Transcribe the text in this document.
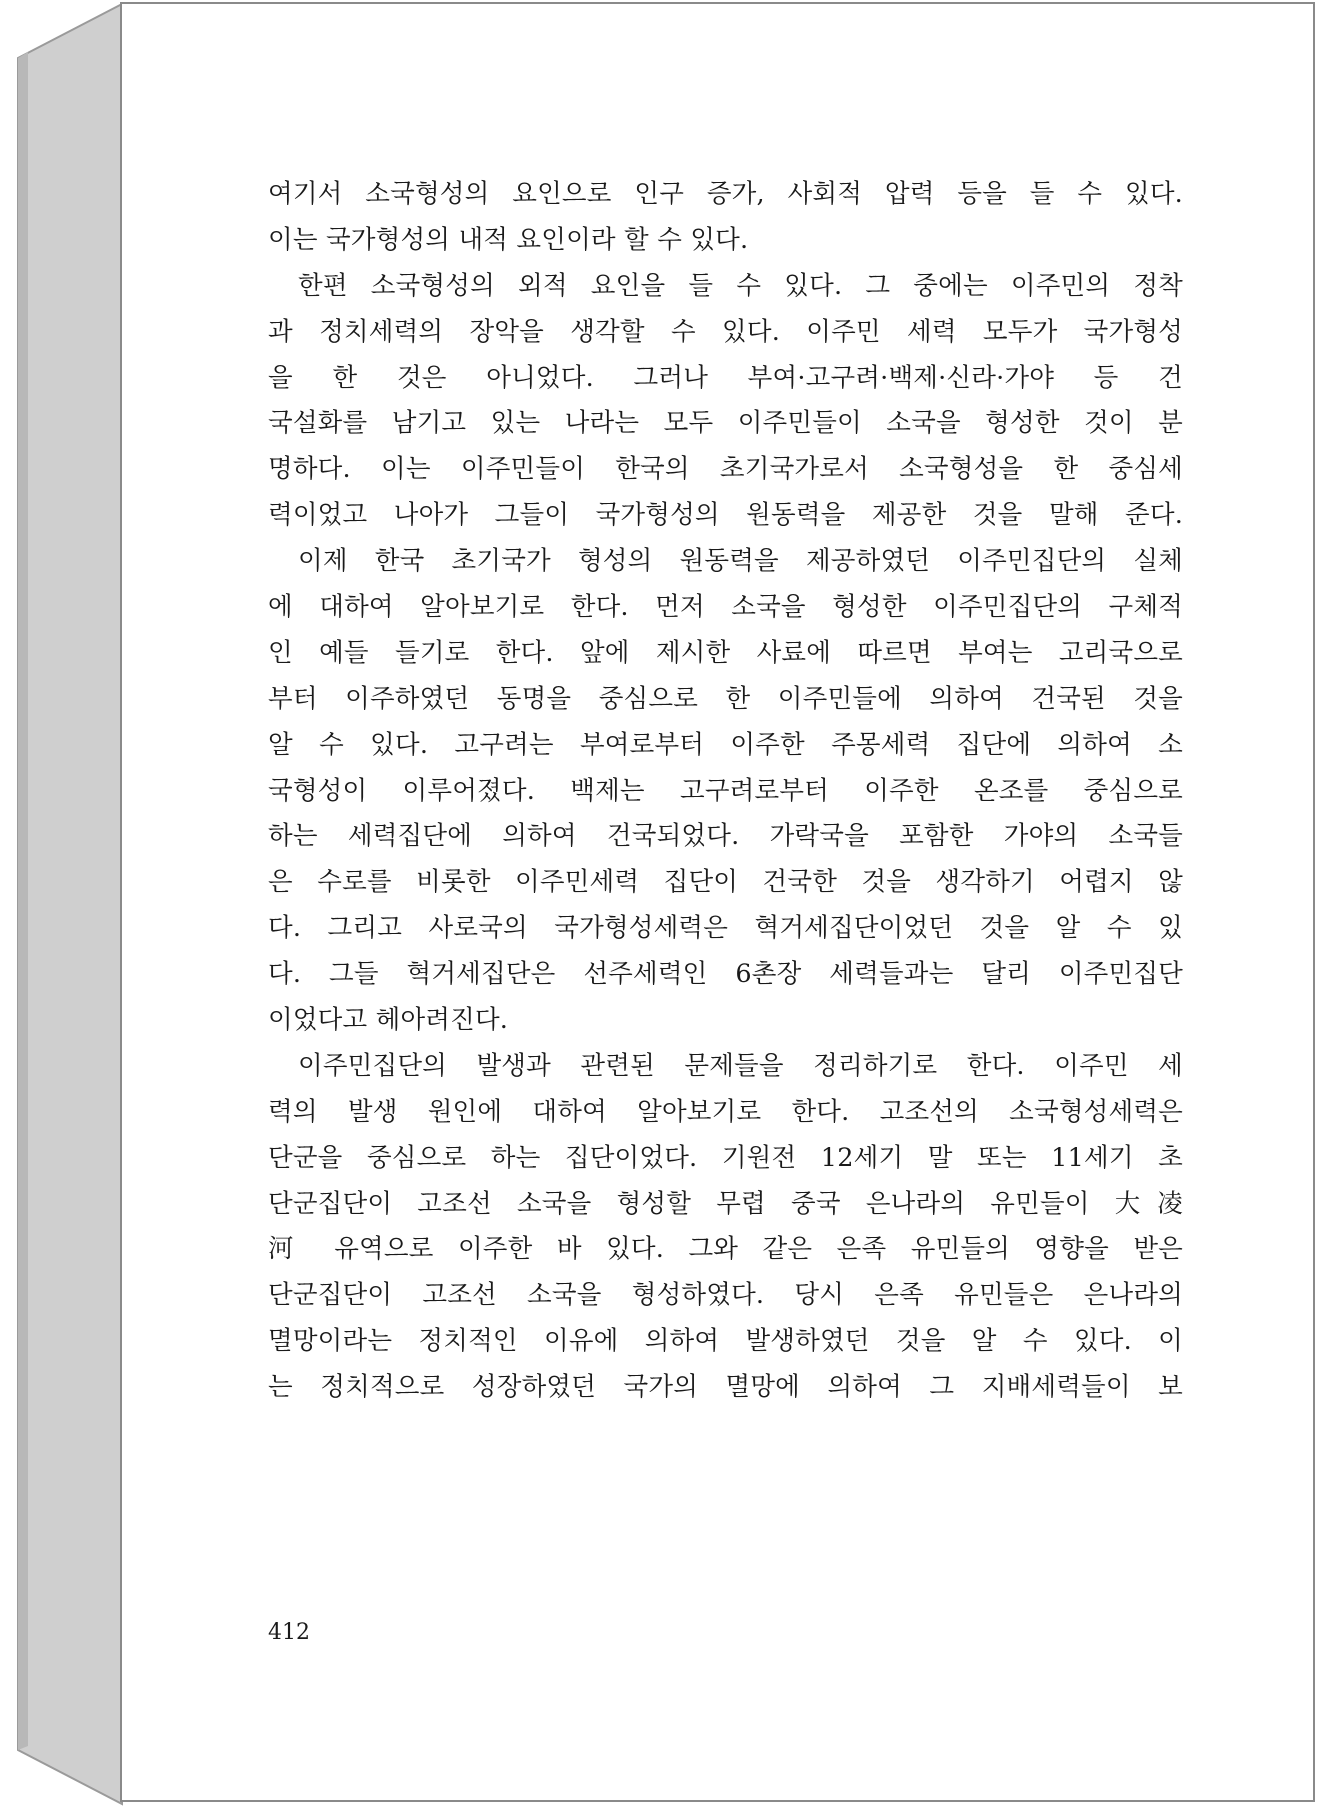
여기서 소국형성의 요인으로 인구 증가, 사회적 압력 등을 들 수 있다.
이는 국가형성의 내적 요인이라 할 수 있다.
한편 소국형성의 외적 요인을 들 수 있다. 그 중에는 이주민의 정착
과 정치세력의 장악을 생각할 수 있다. 이주민 세력 모두가 국가형성
을 한 것은 아니었다. 그러나 부여·고구려·백제·신라·가야 등 건
국설화를 남기고 있는 나라는 모두 이주민들이 소국을 형성한 것이 분
명하다. 이는 이주민들이 한국의 초기국가로서 소국형성을 한 중심세
력이었고 나아가 그들이 국가형성의 원동력을 제공한 것을 말해 준다.
이제 한국 초기국가 형성의 원동력을 제공하였던 이주민집단의 실체
에 대하여 알아보기로 한다. 먼저 소국을 형성한 이주민집단의 구체적
인 예들 들기로 한다. 앞에 제시한 사료에 따르면 부여는 고리국으로
부터 이주하였던 동명을 중심으로 한 이주민들에 의하여 건국된 것을
알 수 있다. 고구려는 부여로부터 이주한 주몽세력 집단에 의하여 소
국형성이 이루어졌다. 백제는 고구려로부터 이주한 온조를 중심으로
하는 세력집단에 의하여 건국되었다. 가락국을 포함한 가야의 소국들
은 수로를 비롯한 이주민세력 집단이 건국한 것을 생각하기 어렵지 않
다. 그리고 사로국의 국가형성세력은 혁거세집단이었던 것을 알 수 있
다. 그들 혁거세집단은 선주세력인 6촌장 세력들과는 달리 이주민집단
이었다고 헤아려진다.
이주민집단의 발생과 관련된 문제들을 정리하기로 한다. 이주민 세
력의 발생 원인에 대하여 알아보기로 한다. 고조선의 소국형성세력은
단군을 중심으로 하는 집단이었다. 기원전 12세기 말 또는 11세기 초
단군집단이 고조선 소국을 형성할 무렵 중국 은나라의 유민들이 大凌
河 유역으로 이주한 바 있다. 그와 같은 은족 유민들의 영향을 받은
단군집단이 고조선 소국을 형성하였다. 당시 은족 유민들은 은나라의
멸망이라는 정치적인 이유에 의하여 발생하였던 것을 알 수 있다. 이
는 정치적으로 성장하였던 국가의 멸망에 의하여 그 지배세력들이 보
412
